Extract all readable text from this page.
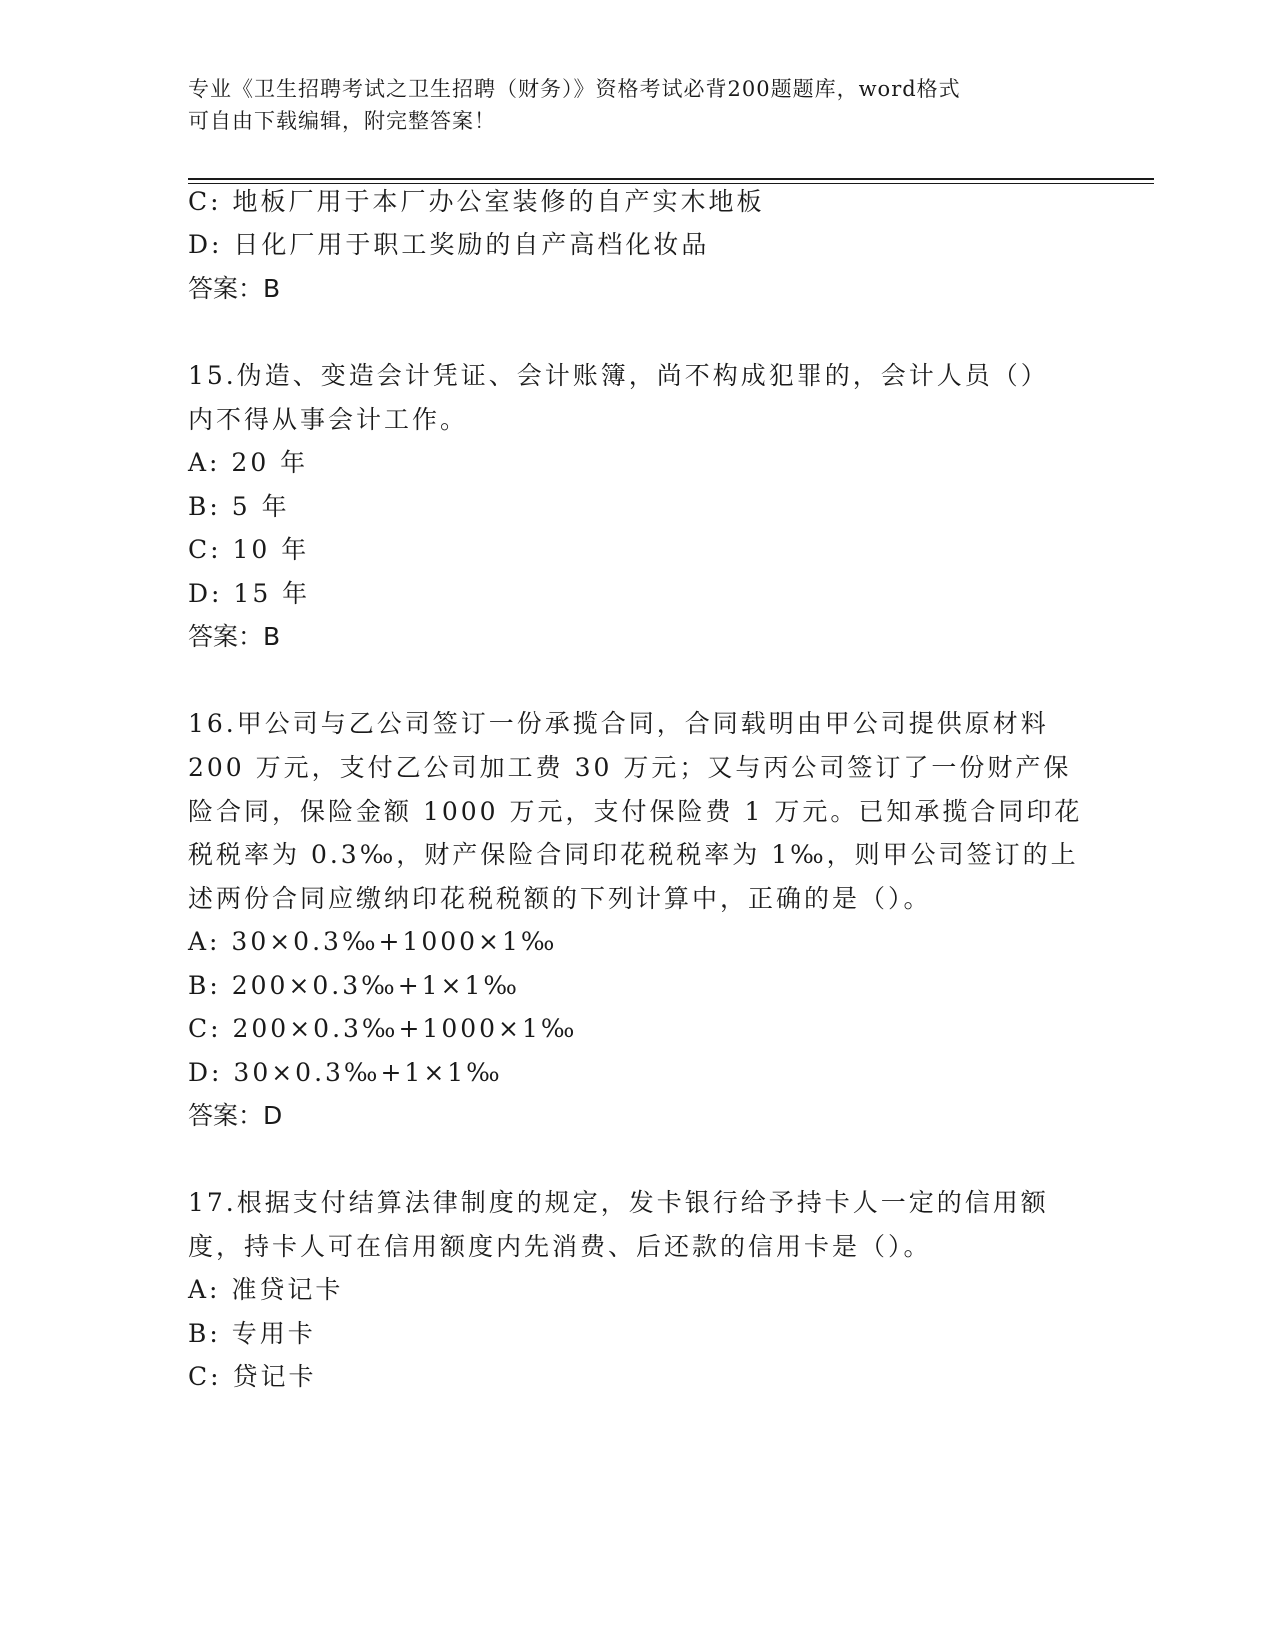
专业《卫生招聘考试之卫生招聘（财务）》资格考试必背200题题库，word格式
可自由下载编辑，附完整答案！
C: 地板厂用于本厂办公室装修的自产实木地板
D: 日化厂用于职工奖励的自产高档化妆品
答案：B
15.伪造、变造会计凭证、会计账簿，尚不构成犯罪的，会计人员（）
内不得从事会计工作。
A: 20 年
B: 5 年
C: 10 年
D: 15 年
答案：B
16.甲公司与乙公司签订一份承揽合同，合同载明由甲公司提供原材料
200 万元，支付乙公司加工费 30 万元；又与丙公司签订了一份财产保
险合同，保险金额 1000 万元，支付保险费 1 万元。已知承揽合同印花
税税率为 0.3‰，财产保险合同印花税税率为 1‰，则甲公司签订的上
述两份合同应缴纳印花税税额的下列计算中，正确的是（）。
A: 30×0.3‰+1000×1‰
B: 200×0.3‰+1×1‰
C: 200×0.3‰+1000×1‰
D: 30×0.3‰+1×1‰
答案：D
17.根据支付结算法律制度的规定，发卡银行给予持卡人一定的信用额
度，持卡人可在信用额度内先消费、后还款的信用卡是（）。
A: 准贷记卡
B: 专用卡
C: 贷记卡
